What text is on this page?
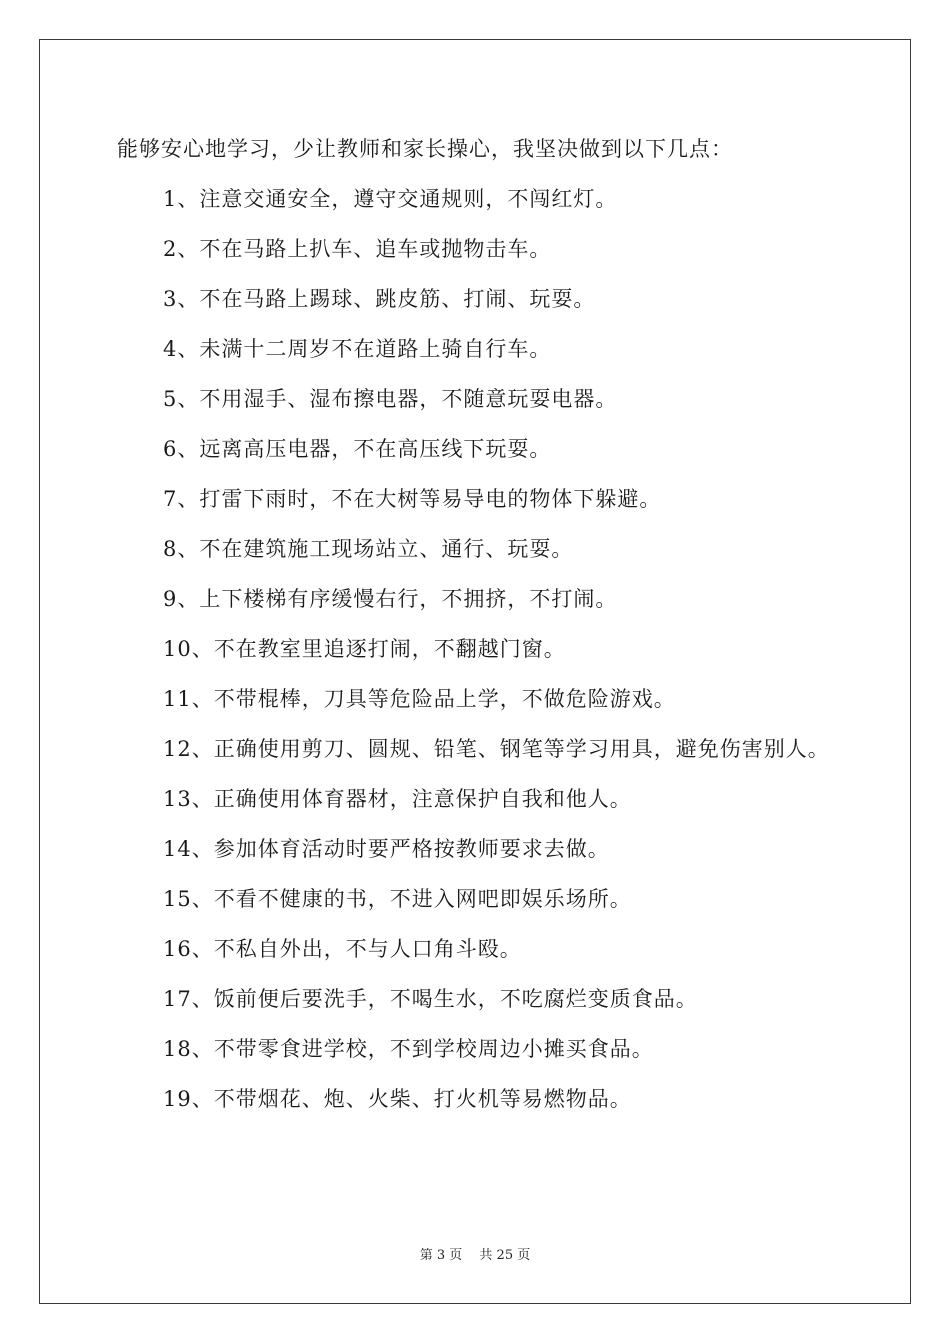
能够安心地学习，少让教师和家长操心，我坚决做到以下几点：

1、注意交通安全，遵守交通规则，不闯红灯。

2、不在马路上扒车、追车或抛物击车。

3、不在马路上踢球、跳皮筋、打闹、玩耍。

4、未满十二周岁不在道路上骑自行车。

5、不用湿手、湿布擦电器，不随意玩耍电器。

6、远离高压电器，不在高压线下玩耍。

7、打雷下雨时，不在大树等易导电的物体下躲避。

8、不在建筑施工现场站立、通行、玩耍。

9、上下楼梯有序缓慢右行，不拥挤，不打闹。

10、不在教室里追逐打闹，不翻越门窗。

11、不带棍棒，刀具等危险品上学，不做危险游戏。

12、正确使用剪刀、圆规、铅笔、钢笔等学习用具，避免伤害别人。

13、正确使用体育器材，注意保护自我和他人。

14、参加体育活动时要严格按教师要求去做。

15、不看不健康的书，不进入网吧即娱乐场所。

16、不私自外出，不与人口角斗殴。

17、饭前便后要洗手，不喝生水，不吃腐烂变质食品。

18、不带零食进学校，不到学校周边小摊买食品。

19、不带烟花、炮、火柴、打火机等易燃物品。

第 3 页　 共 25 页
